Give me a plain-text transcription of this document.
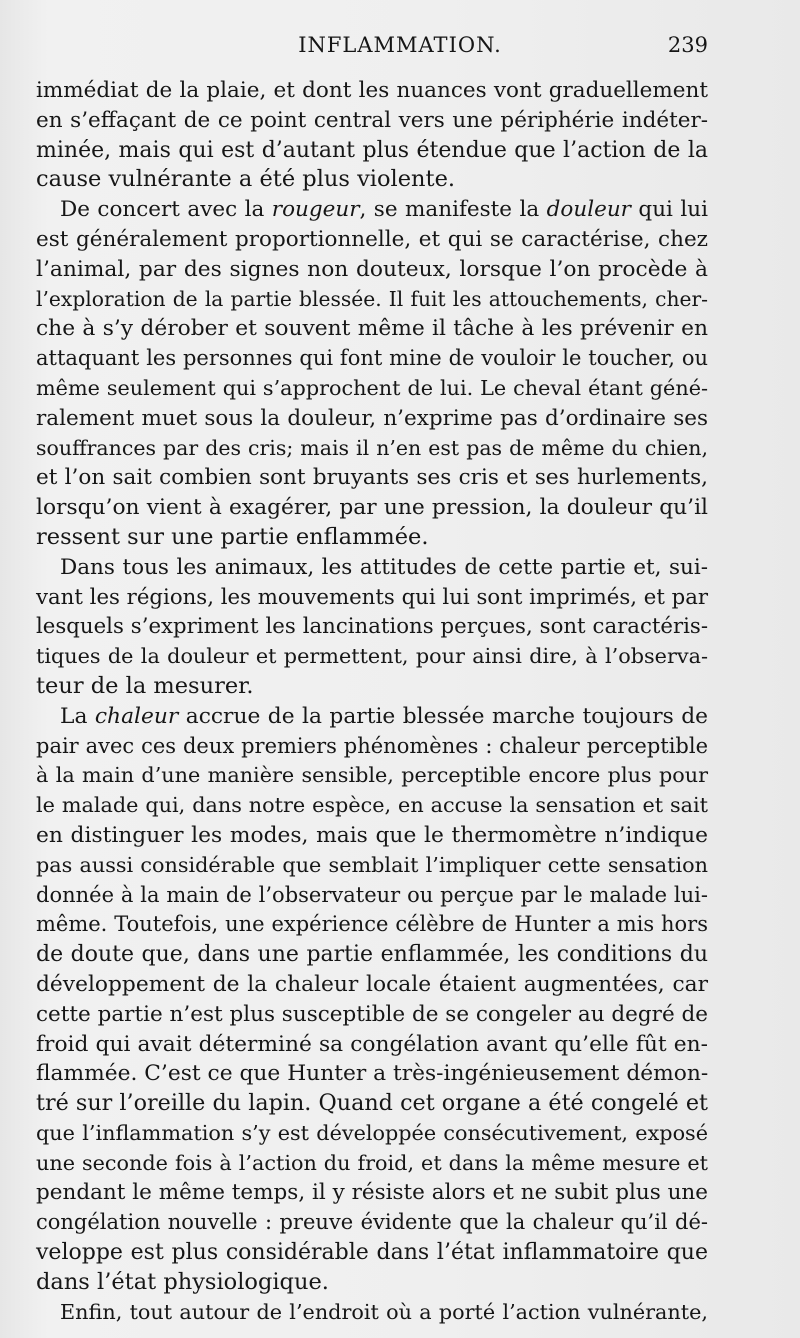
INFLAMMATION.	239
immédiat de la plaie, et dont les nuances vont graduellement
en s’effaçant de ce point central vers une périphérie indéter-
minée, mais qui est d’autant plus étendue que l’action de la
cause vulnérante a été plus violente.
De concert avec la rougeur, se manifeste la douleur qui lui
est généralement proportionnelle, et qui se caractérise, chez
l’animal, par des signes non douteux, lorsque l’on procède à
l’exploration de la partie blessée. Il fuit les attouchements, cher-
che à s’y dérober et souvent même il tâche à les prévenir en
attaquant les personnes qui font mine de vouloir le toucher, ou
même seulement qui s’approchent de lui. Le cheval étant géné-
ralement muet sous la douleur, n’exprime pas d’ordinaire ses
souffrances par des cris; mais il n’en est pas de même du chien,
et l’on sait combien sont bruyants ses cris et ses hurlements,
lorsqu’on vient à exagérer, par une pression, la douleur qu’il
ressent sur une partie enflammée.
Dans tous les animaux, les attitudes de cette partie et, sui-
vant les régions, les mouvements qui lui sont imprimés, et par
lesquels s’expriment les lancinations perçues, sont caractéris-
tiques de la douleur et permettent, pour ainsi dire, à l’observa-
teur de la mesurer.
La chaleur accrue de la partie blessée marche toujours de
pair avec ces deux premiers phénomènes : chaleur perceptible
à la main d’une manière sensible, perceptible encore plus pour
le malade qui, dans notre espèce, en accuse la sensation et sait
en distinguer les modes, mais que le thermomètre n’indique
pas aussi considérable que semblait l’impliquer cette sensation
donnée à la main de l’observateur ou perçue par le malade lui-
même. Toutefois, une expérience célèbre de Hunter a mis hors
de doute que, dans une partie enflammée, les conditions du
développement de la chaleur locale étaient augmentées, car
cette partie n’est plus susceptible de se congeler au degré de
froid qui avait déterminé sa congélation avant qu’elle fût en-
flammée. C’est ce que Hunter a très-ingénieusement démon-
tré sur l’oreille du lapin. Quand cet organe a été congelé et
que l’inflammation s’y est développée consécutivement, exposé
une seconde fois à l’action du froid, et dans la même mesure et
pendant le même temps, il y résiste alors et ne subit plus une
congélation nouvelle : preuve évidente que la chaleur qu’il dé-
veloppe est plus considérable dans l’état inflammatoire que
dans l’état physiologique.
Enfin, tout autour de l’endroit où a porté l’action vulnérante,
